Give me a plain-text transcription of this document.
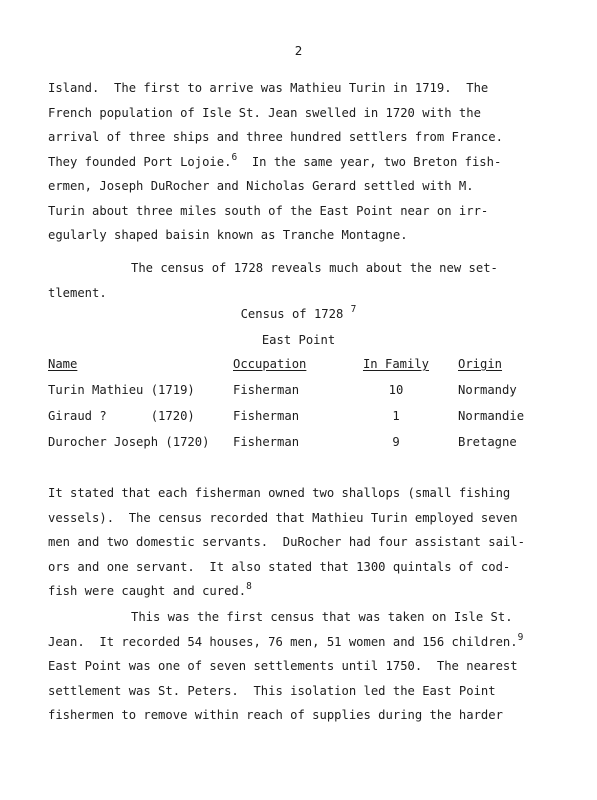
2

Island.  The first to arrive was Mathieu Turin in 1719.  The
French population of Isle St. Jean swelled in 1720 with the
arrival of three ships and three hundred settlers from France.
They founded Port Lojoie.$^6$  In the same year, two Breton fish-
ermen, Joseph DuRocher and Nicholas Gerard settled with M.
Turin about three miles south of the East Point near on irr-
egularly shaped baisin known as Tranche Montagne.

The census of 1728 reveals much about the new set-
tlement.

Census of 1728 $^7$
East Point
Name	Occupation	In Family Origin
Turin Mathieu (1719)	Fisherman	10	Normandy
Giraud ?      (1720)	Fisherman	1	Normandie
Durocher Joseph (1720) Fisherman	9	Bretagne

It stated that each fisherman owned two shallops (small fishing
vessels).  The census recorded that Mathieu Turin employed seven
men and two domestic servants.  DuRocher had four assistant sail-
ors and one servant.  It also stated that 1300 quintals of cod-
fish were caught and cured.$^8$

This was the first census that was taken on Isle St.
Jean.  It recorded 54 houses, 76 men, 51 women and 156 children.$^9$
East Point was one of seven settlements until 1750.  The nearest
settlement was St. Peters.  This isolation led the East Point
fishermen to remove within reach of supplies during the harder
